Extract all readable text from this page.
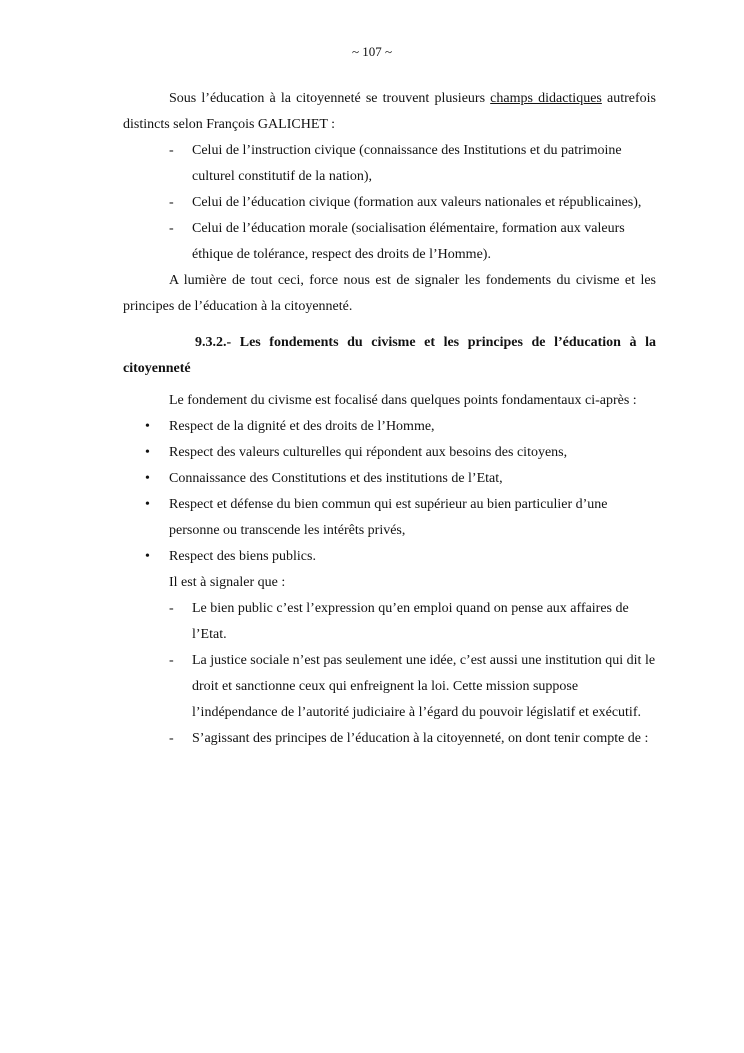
~ 107 ~

Sous l’éducation à la citoyenneté se trouvent plusieurs champs didactiques autrefois distincts selon François GALICHET :

- Celui de l’instruction civique (connaissance des Institutions et du patrimoine culturel constitutif de la nation),
- Celui de l’éducation civique (formation aux valeurs nationales et républicaines),
- Celui de l’éducation morale (socialisation élémentaire, formation aux valeurs éthique de tolérance, respect des droits de l’Homme).

A lumière de tout ceci, force nous est de signaler les fondements du civisme et les principes de l’éducation à la citoyenneté.

9.3.2.- Les fondements du civisme et les principes de l’éducation à la citoyenneté

Le fondement du civisme est focalisé dans quelques points fondamentaux ci-après :

• Respect de la dignité et des droits de l’Homme,
• Respect des valeurs culturelles qui répondent aux besoins des citoyens,
• Connaissance des Constitutions et des institutions de l’Etat,
• Respect et défense du bien commun qui est supérieur au bien particulier d’une personne ou transcende les intérêts privés,
• Respect des biens publics.

Il est à signaler que :

- Le bien public c’est l’expression qu’en emploi quand on pense aux affaires de l’Etat.
- La justice sociale n’est pas seulement une idée, c’est aussi une institution qui dit le droit et sanctionne ceux qui enfreignent la loi. Cette mission suppose l’indépendance de l’autorité judiciaire à l’égard du pouvoir législatif et exécutif.
- S’agissant des principes de l’éducation à la citoyenneté, on dont tenir compte de :
